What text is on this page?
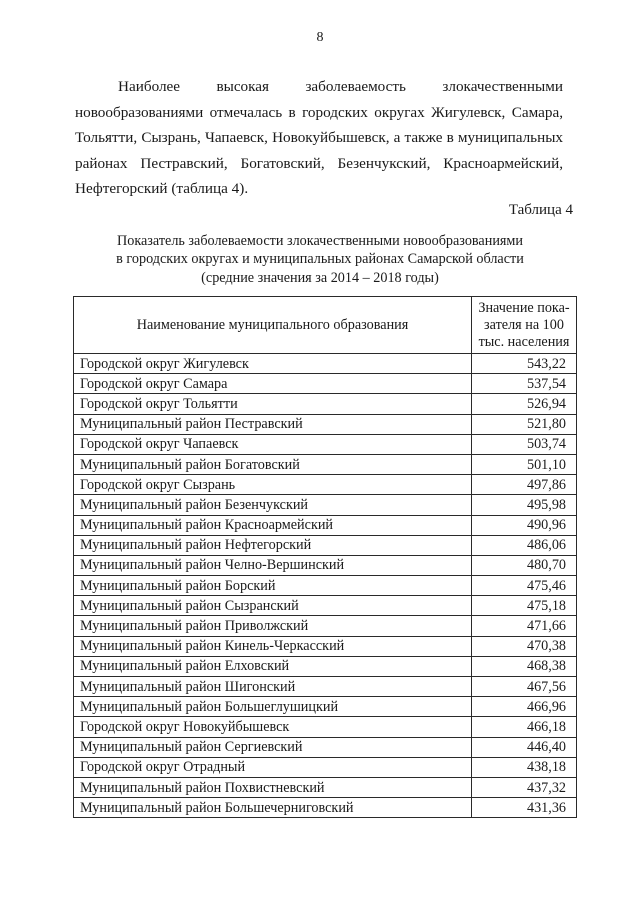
8
Наиболее высокая заболеваемость злокачественными
новообразованиями отмечалась в городских округах Жигулевск, Самара,
Тольятти, Сызрань, Чапаевск, Новокуйбышевск, а также в муниципальных
районах Пестравский, Богатовский, Безенчукский, Красноармейский,
Нефтегорский (таблица 4).
Таблица 4
Показатель заболеваемости злокачественными новообразованиями
в городских округах и муниципальных районах Самарской области
(средние значения за 2014 – 2018 годы)
Наименование муниципального образования	Значение пока-зателя на 100 тыс. населения
Городской округ Жигулевск	543,22
Городской округ Самара	537,54
Городской округ Тольятти	526,94
Муниципальный район Пестравский	521,80
Городской округ Чапаевск	503,74
Муниципальный район Богатовский	501,10
Городской округ Сызрань	497,86
Муниципальный район Безенчукский	495,98
Муниципальный район Красноармейский	490,96
Муниципальный район Нефтегорский	486,06
Муниципальный район Челно-Вершинский	480,70
Муниципальный район Борский	475,46
Муниципальный район Сызранский	475,18
Муниципальный район Приволжский	471,66
Муниципальный район Кинель-Черкасский	470,38
Муниципальный район Елховский	468,38
Муниципальный район Шигонский	467,56
Муниципальный район Большеглушицкий	466,96
Городской округ Новокуйбышевск	466,18
Муниципальный район Сергиевский	446,40
Городской округ Отрадный	438,18
Муниципальный район Похвистневский	437,32
Муниципальный район Большечерниговский	431,36
